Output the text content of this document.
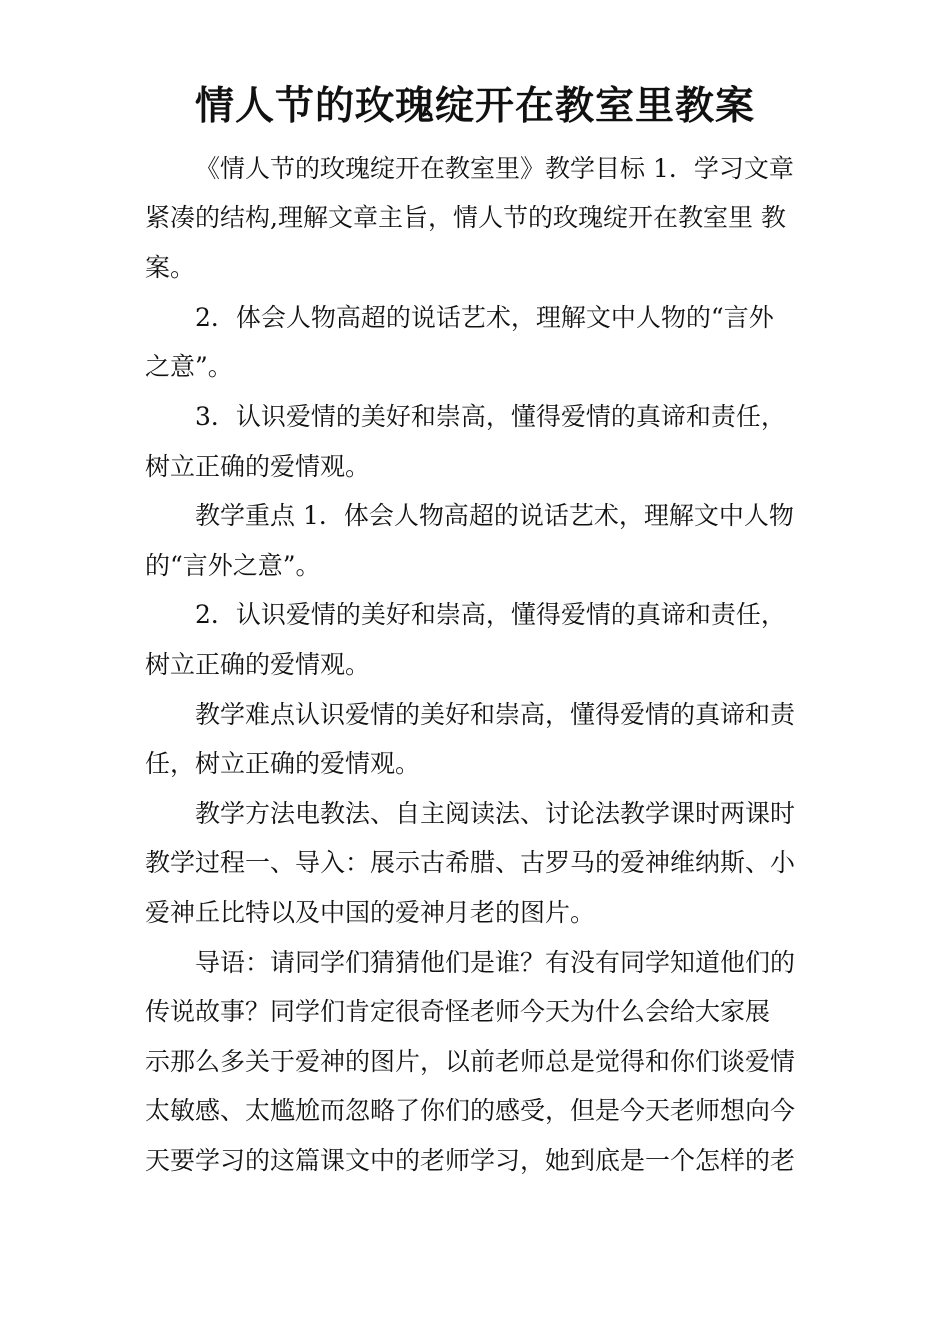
情人节的玫瑰绽开在教室里教案

《情人节的玫瑰绽开在教室里》教学目标 1．学习文章

紧凑的结构,理解文章主旨，情人节的玫瑰绽开在教室里 教

案。

2．体会人物高超的说话艺术，理解文中人物的“言外

之意”。

3．认识爱情的美好和崇高，懂得爱情的真谛和责任，

树立正确的爱情观。

教学重点 1．体会人物高超的说话艺术，理解文中人物

的“言外之意”。

2．认识爱情的美好和崇高，懂得爱情的真谛和责任，

树立正确的爱情观。

教学难点认识爱情的美好和崇高，懂得爱情的真谛和责

任，树立正确的爱情观。

教学方法电教法、自主阅读法、讨论法教学课时两课时

教学过程一、导入：展示古希腊、古罗马的爱神维纳斯、小

爱神丘比特以及中国的爱神月老的图片。

导语：请同学们猜猜他们是谁？有没有同学知道他们的

传说故事？同学们肯定很奇怪老师今天为什么会给大家展

示那么多关于爱神的图片，以前老师总是觉得和你们谈爱情

太敏感、太尴尬而忽略了你们的感受，但是今天老师想向今

天要学习的这篇课文中的老师学习，她到底是一个怎样的老
